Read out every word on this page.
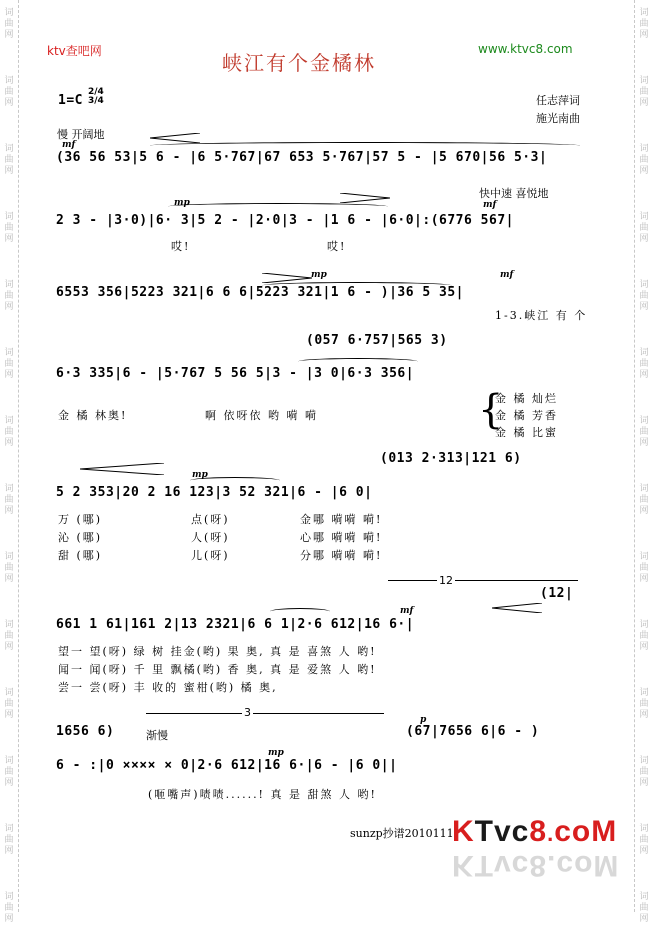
ktv查吧网	峡江有个金橘林
www.ktvc8.com
1=C
2/4 3/4	任志萍词
施光南曲
慢 开阔地
mf
(36 56 53|5 6 - |6 5·767|67 653 5·767|57 5 - |5 670|56 5·3|
mp
快中速 喜悦地
mf
2 3 - |3·0)|6· 3|5 2 - |2·0|3 - |1 6 - |6·0|:(6776 567|
哎!	哎!
mp	mf
6553 356|5223 321|6 6 6|5223 321|1 6 - )|36 5 35|
1-3.峡江 有 个
(057 6·757|565 3)
6·3 335|6 - |5·767 5 56 5|3 - |3 0|6·3 356|
金 橘 林奥!	啊 依呀依 哟 嗬 嗬	{
金 橘 灿烂
金 橘 芳香
金 橘 比蜜
(013 2·313|121 6)
mp
5 2 353|20 2 16 123|3 52 321|6 - |6 0|
万 (哪)	点(呀)	金哪 嗬嗬 嗬!
沁 (哪)	人(呀)	心哪 嗬嗬 嗬!
甜 (哪)	儿(呀)	分哪 嗬嗬 嗬!
12
(12|
mf
661 1 61|161 2|13 2321|6 6 1|2·6 612|16 6·|
望一 望(呀) 绿 树 挂金(哟) 果 奥, 真 是 喜煞 人 哟!
闻一 闻(呀) 千 里 飘橘(哟) 香 奥, 真 是 爱煞 人 哟!
尝一 尝(呀) 丰 收的 蜜柑(哟) 橘 奥,
1656 6)	渐慢
3
p
(67|7656 6|6 - )
mp
6 - :|0 ×××× × 0|2·6 612|16 6·|6 - |6 0||
(咂嘴声)啧啧......! 真 是 甜煞 人 哟!
sunzp抄谱2010111
KTvc8.coM
KTvc8.coM
词曲网
词曲网
词曲网
词曲网
词曲网
词曲网
词曲网
词曲网
词曲网
词曲网
词曲网
词曲网
词曲网
词曲网
词曲网
词曲网
词曲网
词曲网
词曲网
词曲网
词曲网
词曲网
词曲网
词曲网
词曲网
词曲网
词曲网
词曲网
